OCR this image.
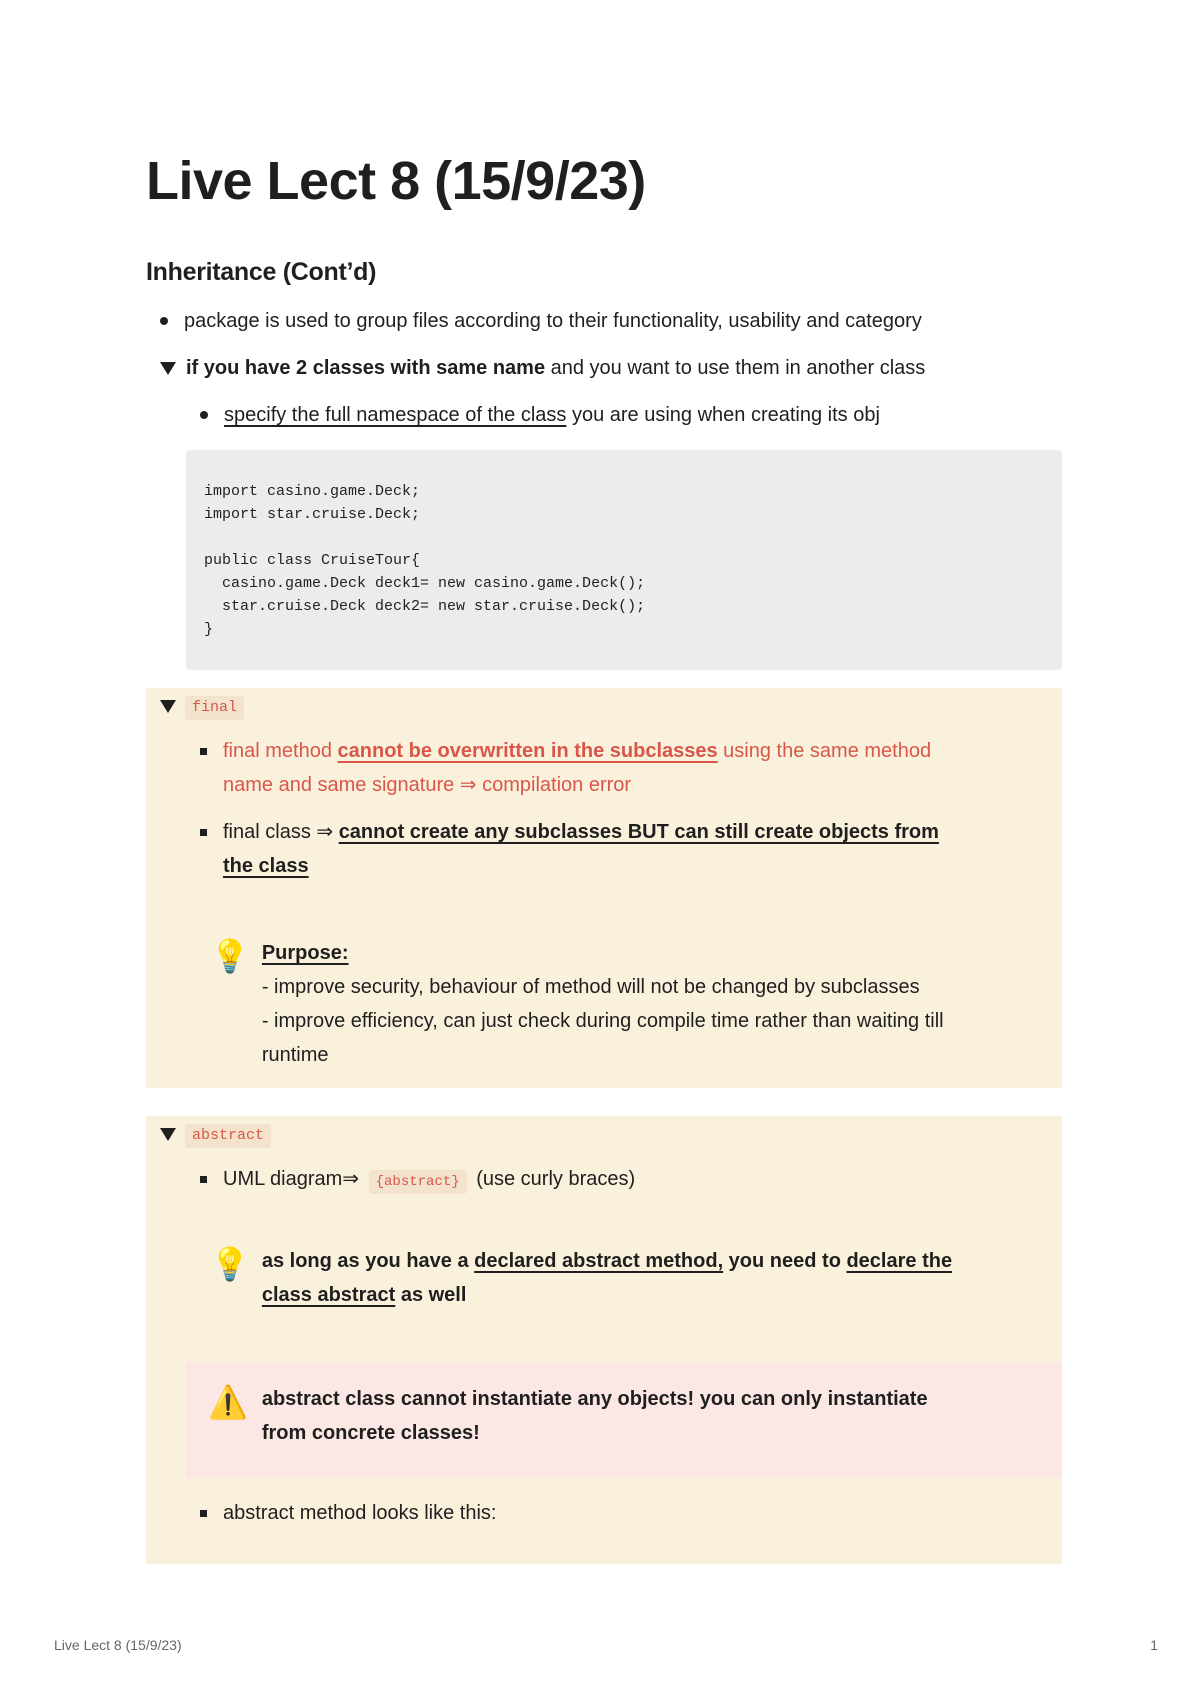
Live Lect 8 (15/9/23)
Inheritance (Cont’d)
package is used to group files according to their functionality, usability and category
if you have 2 classes with same name and you want to use them in another class
specify the full namespace of the class you are using when creating its obj
import casino.game.Deck;
import star.cruise.Deck;

public class CruiseTour{
casino.game.Deck deck1= new casino.game.Deck();
star.cruise.Deck deck2= new star.cruise.Deck();
}
final
final method cannot be overwritten in the subclasses using the same method
name and same signature ⇒ compilation error
final class ⇒ cannot create any subclasses BUT can still create objects from
the class
💡 Purpose:
- improve security, behaviour of method will not be changed by subclasses
- improve efficiency, can just check during compile time rather than waiting till
runtime
abstract
UML diagram⇒ {abstract} (use curly braces)
💡 as long as you have a declared abstract method, you need to declare the
class abstract as well
⚠️ abstract class cannot instantiate any objects! you can only instantiate
from concrete classes!
abstract method looks like this:
Live Lect 8 (15/9/23)	1
